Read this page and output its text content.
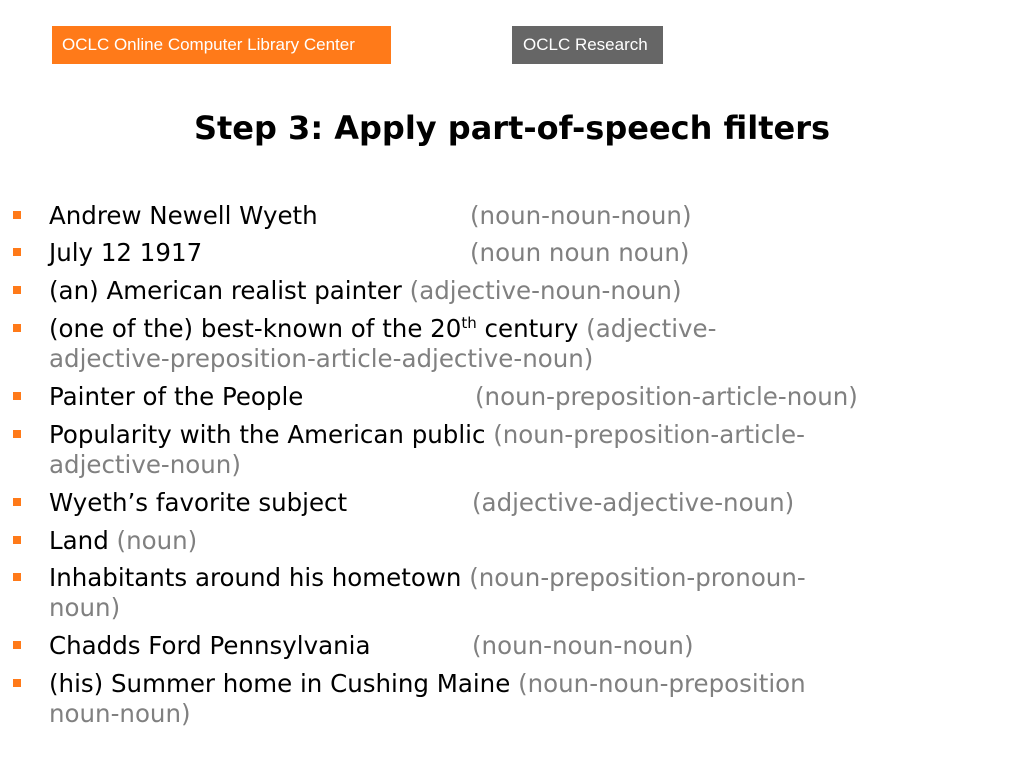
OCLC Online Computer Library Center	OCLC Research
Step 3: Apply part-of-speech filters
Andrew Newell Wyeth	(noun-noun-noun)
July 12 1917	(noun noun noun)
(an) American realist painter (adjective-noun-noun)
(one of the) best-known of the 20th century (adjective-
adjective-preposition-article-adjective-noun)
Painter of the People	(noun-preposition-article-noun)
Popularity with the American public (noun-preposition-article-
adjective-noun)
Wyeth’s favorite subject	(adjective-adjective-noun)
Land (noun)
Inhabitants around his hometown (noun-preposition-pronoun-
noun)
Chadds Ford Pennsylvania	(noun-noun-noun)
(his) Summer home in Cushing Maine (noun-noun-preposition
noun-noun)
